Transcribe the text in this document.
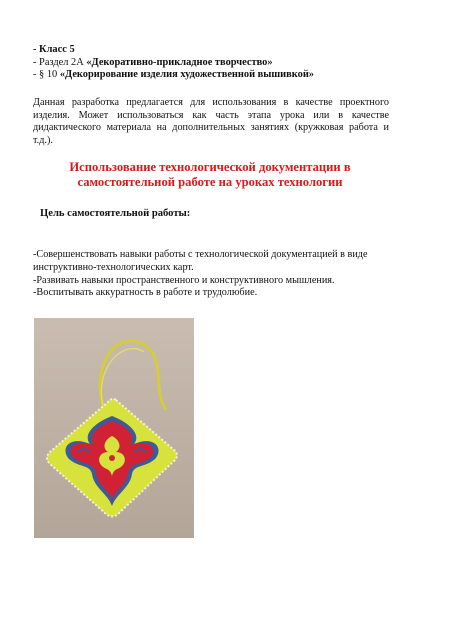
- Класс 5
- Раздел 2А «Декоративно-прикладное творчество»
- § 10 «Декорирование изделия художественной вышивкой»
Данная разработка предлагается для использования в качестве проектного изделия. Может использоваться как часть этапа урока или в качестве дидактического материала на дополнительных занятиях (кружковая работа и т.д.).
Использование технологической документации в
самостоятельной работе на уроках технологии
Цель самостоятельной работы:
-Совершенствовать навыки работы с технологической документацией в виде
инструктивно-технологических карт.
-Развивать навыки пространственного и конструктивного мышления.
-Воспитывать аккуратность в работе и трудолюбие.
